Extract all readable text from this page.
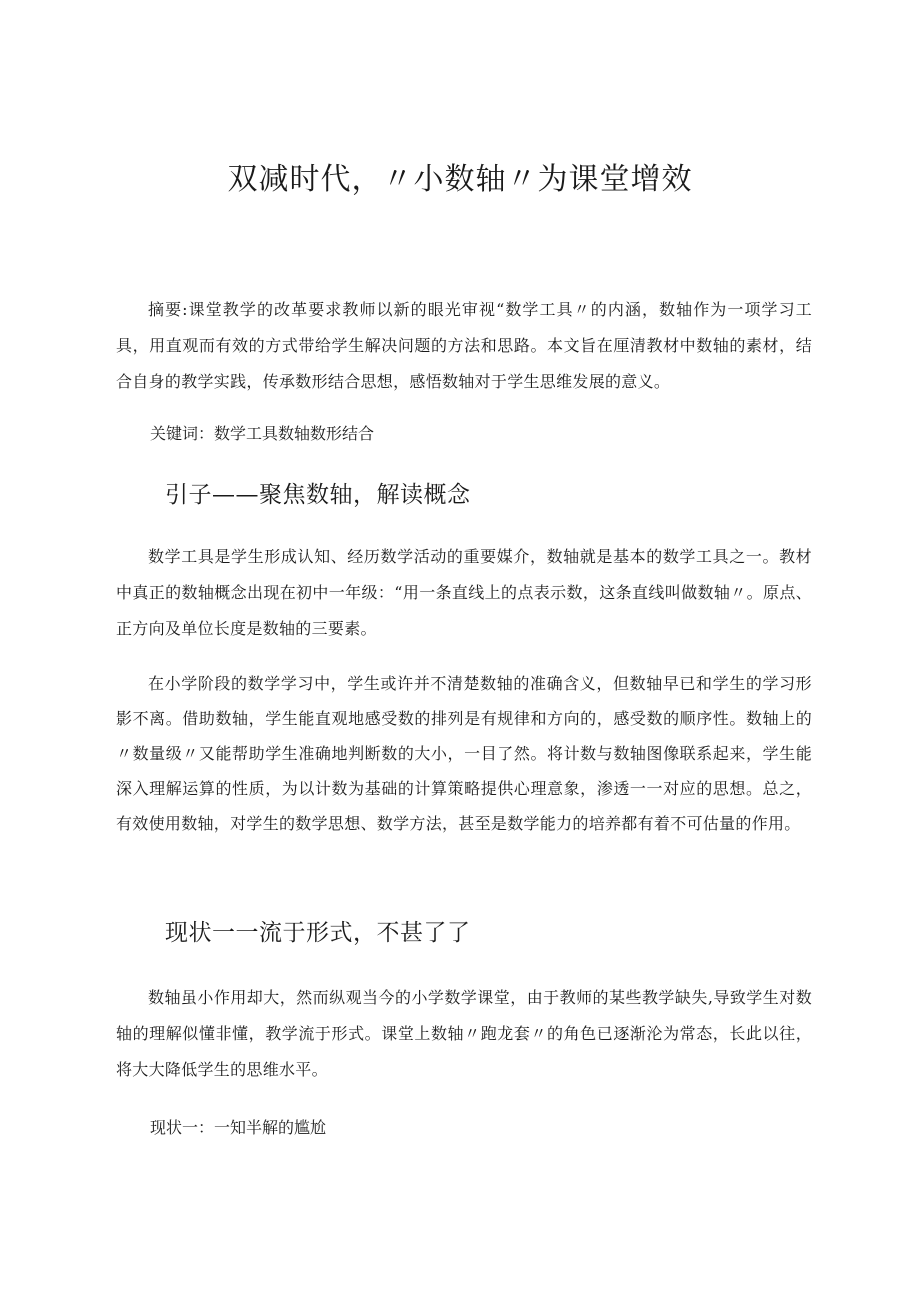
双减时代，〃小数轴〃为课堂增效

摘要:课堂教学的改革要求教师以新的眼光审视“数学工具〃的内涵，数轴作为一项学习工具，用直观而有效的方式带给学生解决问题的方法和思路。本文旨在厘清教材中数轴的素材，结合自身的教学实践，传承数形结合思想，感悟数轴对于学生思维发展的意义。

关键词：数学工具数轴数形结合

引子——聚焦数轴，解读概念

数学工具是学生形成认知、经历数学活动的重要媒介，数轴就是基本的数学工具之一。教材中真正的数轴概念出现在初中一年级：“用一条直线上的点表示数，这条直线叫做数轴〃。原点、正方向及单位长度是数轴的三要素。

在小学阶段的数学学习中，学生或许并不清楚数轴的准确含义，但数轴早已和学生的学习形影不离。借助数轴，学生能直观地感受数的排列是有规律和方向的，感受数的顺序性。数轴上的〃数量级〃又能帮助学生准确地判断数的大小，一目了然。将计数与数轴图像联系起来，学生能深入理解运算的性质，为以计数为基础的计算策略提供心理意象，渗透一一对应的思想。总之，有效使用数轴，对学生的数学思想、数学方法，甚至是数学能力的培养都有着不可估量的作用。

现状一一流于形式，不甚了了

数轴虽小作用却大，然而纵观当今的小学数学课堂，由于教师的某些教学缺失,导致学生对数轴的理解似懂非懂，教学流于形式。课堂上数轴〃跑龙套〃的角色已逐渐沦为常态，长此以往，将大大降低学生的思维水平。

现状一：一知半解的尴尬
